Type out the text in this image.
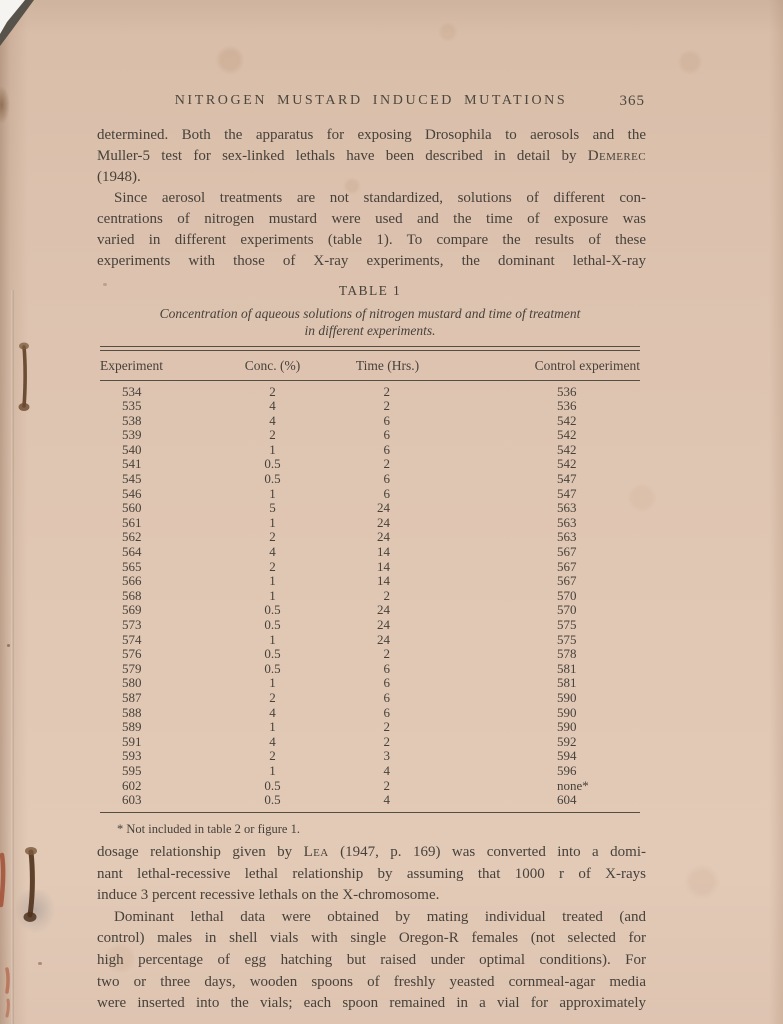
NITROGEN MUSTARD INDUCED MUTATIONS	365
determined. Both the apparatus for exposing Drosophila to aerosols and the
Muller-5 test for sex-linked lethals have been described in detail by Demerec
(1948).
Since aerosol treatments are not standardized, solutions of different con-
centrations of nitrogen mustard were used and the time of exposure was
varied in different experiments (table 1). To compare the results of these
experiments with those of X-ray experiments, the dominant lethal-X-ray
TABLE 1
Concentration of aqueous solutions of nitrogen mustard and time of treatment
in different experiments.
Experiment	Conc. (%)	Time (Hrs.)	Control experiment
534	2	2	536
535	4	2	536
538	4	6	542
539	2	6	542
540	1	6	542
541	0.5	2	542
545	0.5	6	547
546	1	6	547
560	5	24	563
561	1	24	563
562	2	24	563
564	4	14	567
565	2	14	567
566	1	14	567
568	1	2	570
569	0.5	24	570
573	0.5	24	575
574	1	24	575
576	0.5	2	578
579	0.5	6	581
580	1	6	581
587	2	6	590
588	4	6	590
589	1	2	590
591	4	2	592
593	2	3	594
595	1	4	596
602	0.5	2	none*
603	0.5	4	604
* Not included in table 2 or figure 1.
dosage relationship given by Lea (1947, p. 169) was converted into a domi-
nant lethal-recessive lethal relationship by assuming that 1000 r of X-rays
induce 3 percent recessive lethals on the X-chromosome.
Dominant lethal data were obtained by mating individual treated (and
control) males in shell vials with single Oregon-R females (not selected for
high percentage of egg hatching but raised under optimal conditions). For
two or three days, wooden spoons of freshly yeasted cornmeal-agar media
were inserted into the vials; each spoon remained in a vial for approximately
